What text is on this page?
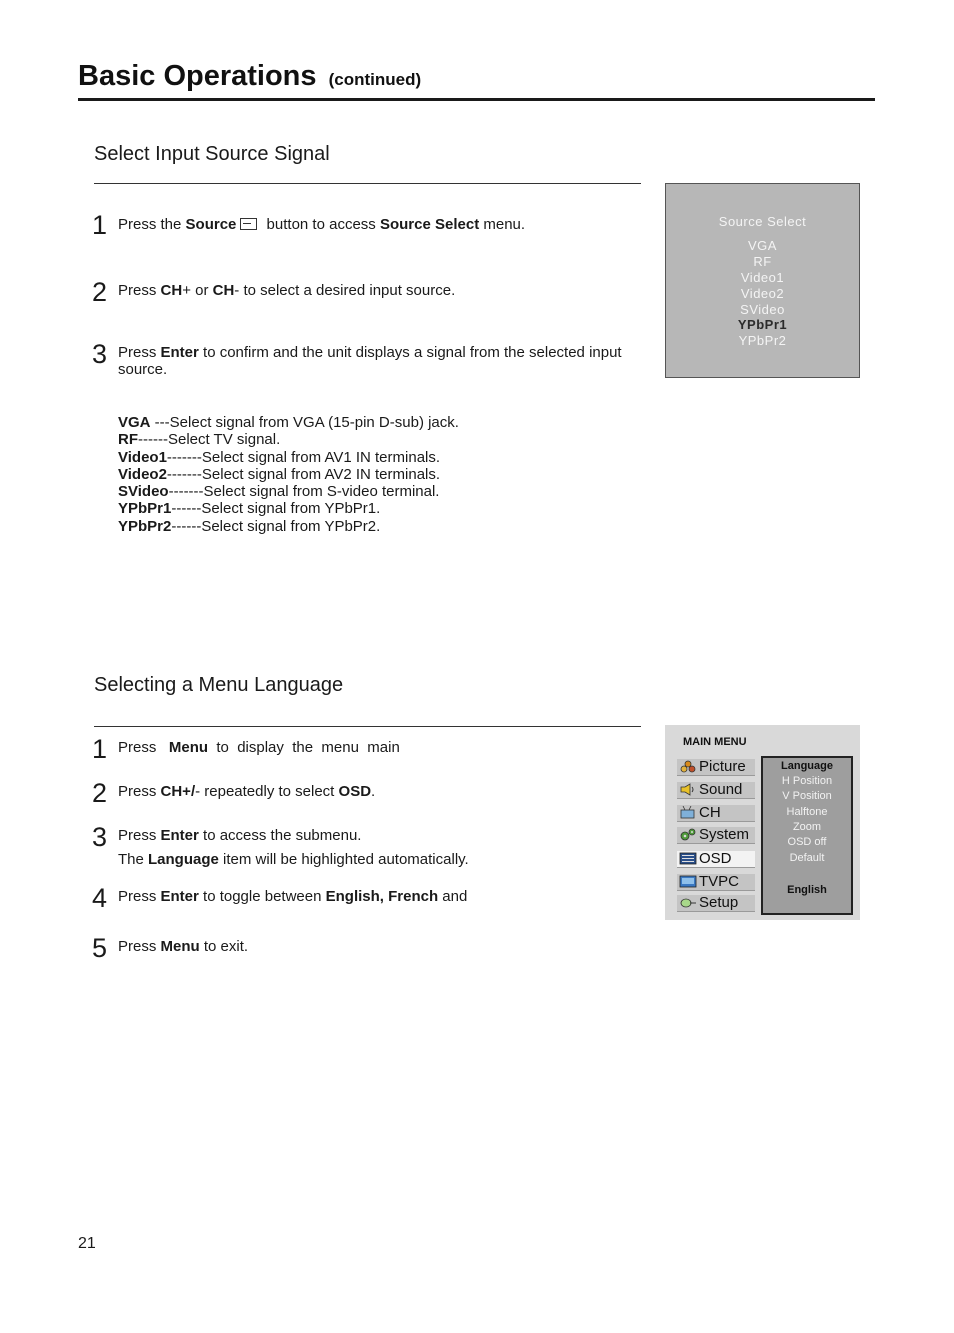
Basic Operations (continued)
Select Input Source Signal
1 Press the Source button to access Source Select menu.
2 Press CH+ or CH- to select a desired input source.
3 Press Enter to confirm and the unit displays a signal from the selected input source.
VGA ---Select signal from VGA (15-pin D-sub) jack.
RF------Select TV signal.
Video1-------Select signal from AV1 IN terminals.
Video2-------Select signal from AV2 IN terminals.
SVideo-------Select signal from S-video terminal.
YPbPr1------Select signal from YPbPr1.
YPbPr2------Select signal from YPbPr2.
Source Select
VGA
RF
Video1
Video2
SVideo
YPbPr1
YPbPr2
Selecting a Menu Language
1 Press   Menu  to  display  the  menu  main
2 Press CH+/- repeatedly to select OSD.
3 Press Enter to access the submenu.
The Language item will be highlighted automatically.
4 Press Enter to toggle between English, French and
5 Press Menu to exit.
MAIN MENU
Picture
Sound
CH
System
OSD
TVPC
Setup
Language
H Position
V Position
Halftone
Zoom
OSD off
Default
English
21
